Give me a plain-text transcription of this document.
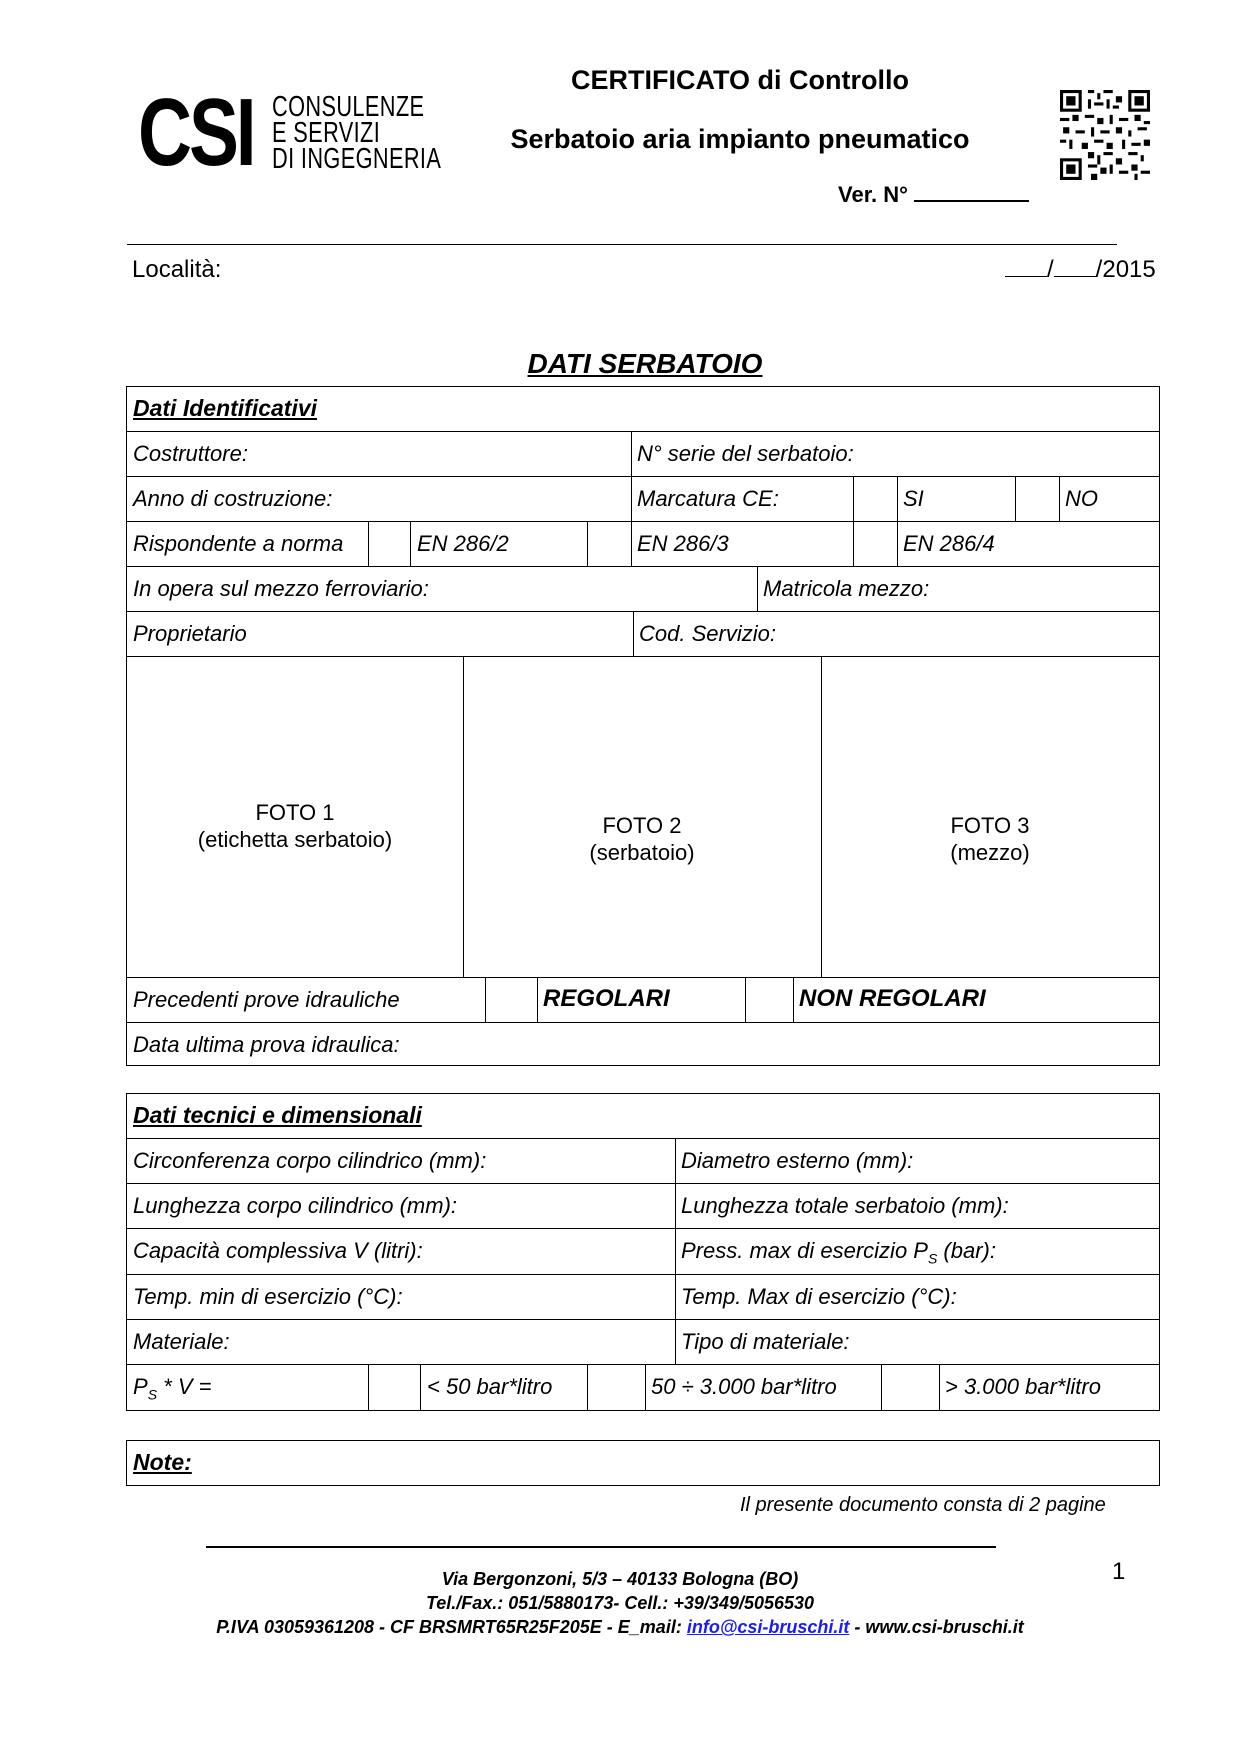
CSI CONSULENZE
E SERVIZI
DI INGEGNERIA
CERTIFICATO di Controllo
Serbatoio aria impianto pneumatico
Ver. N°
Località:	/ /2015
DATI SERBATOIO
Dati Identificativi
Costruttore:	N° serie del serbatoio:
Anno di costruzione:	Marcatura CE:	SI	NO
Rispondente a norma	EN 286/2	EN 286/3	EN 286/4
In opera sul mezzo ferroviario:	Matricola mezzo:
Proprietario	Cod. Servizio:
FOTO 1
(etichetta serbatoio)
FOTO 2
(serbatoio)
FOTO 3
(mezzo)
Precedenti prove idrauliche	REGOLARI	NON REGOLARI
Data ultima prova idraulica:
Dati tecnici e dimensionali
Circonferenza corpo cilindrico (mm):	Diametro esterno (mm):
Lunghezza corpo cilindrico (mm):	Lunghezza totale serbatoio (mm):
Capacità complessiva V (litri):	Press. max di esercizio $P_S$ (bar):
Temp. min di esercizio (°C):	Temp. Max di esercizio (°C):
Materiale:	Tipo di materiale:
$P_S$ * V =	< 50 bar*litro	50 ÷ 3.000 bar*litro	> 3.000 bar*litro
Note:
Il presente documento consta di 2 pagine
1
Via Bergonzoni, 5/3 – 40133 Bologna (BO)
Tel./Fax.: 051/5880173- Cell.: +39/349/5056530
P.IVA 03059361208 - CF BRSMRT65R25F205E - E_mail: info@csi-bruschi.it - www.csi-bruschi.it
